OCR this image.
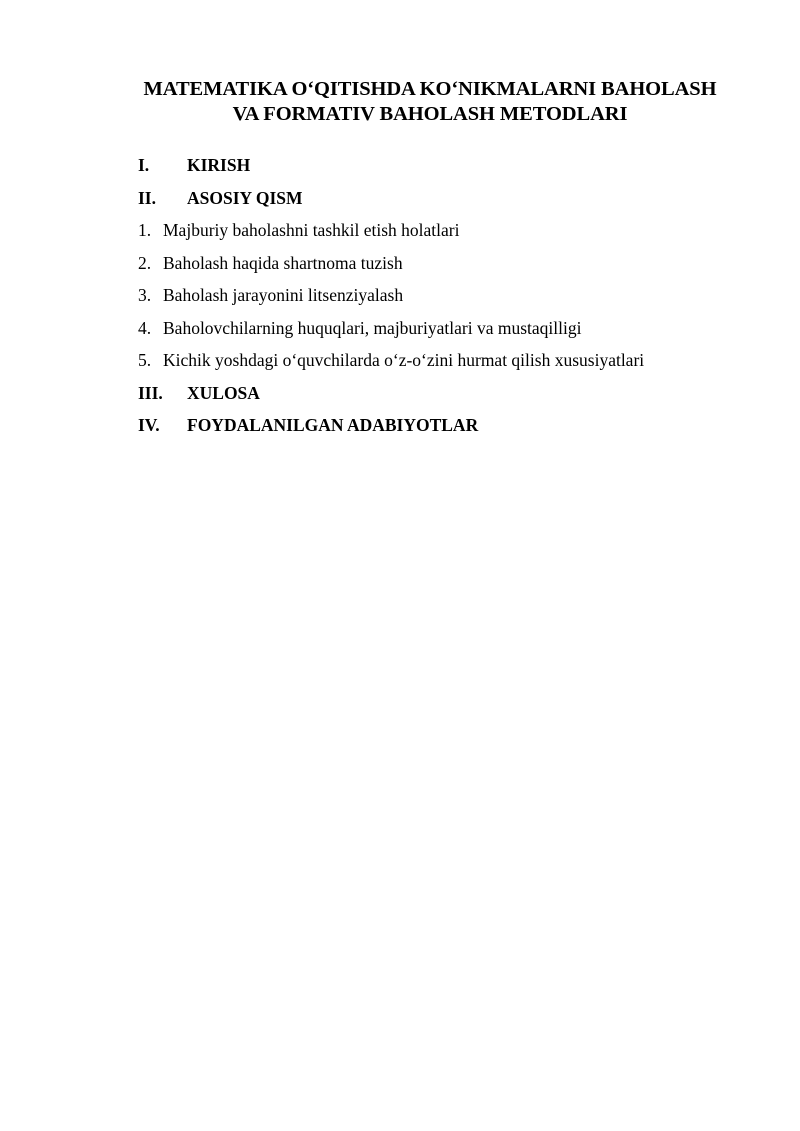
MATEMATIKA O‘QITISHDA KO‘NIKMALARNI BAHOLASH
VA FORMATIV BAHOLASH METODLARI
I. KIRISH
II. ASOSIY QISM
1. Majburiy baholashni tashkil etish holatlari
2. Baholash haqida shartnoma tuzish
3. Baholash jarayonini litsenziyalash
4. Baholovchilarning huquqlari, majburiyatlari va mustaqilligi
5. Kichik yoshdagi o‘quvchilarda o‘z-o‘zini hurmat qilish xususiyatlari
III. XULOSA
IV. FOYDALANILGAN ADABIYOTLAR
